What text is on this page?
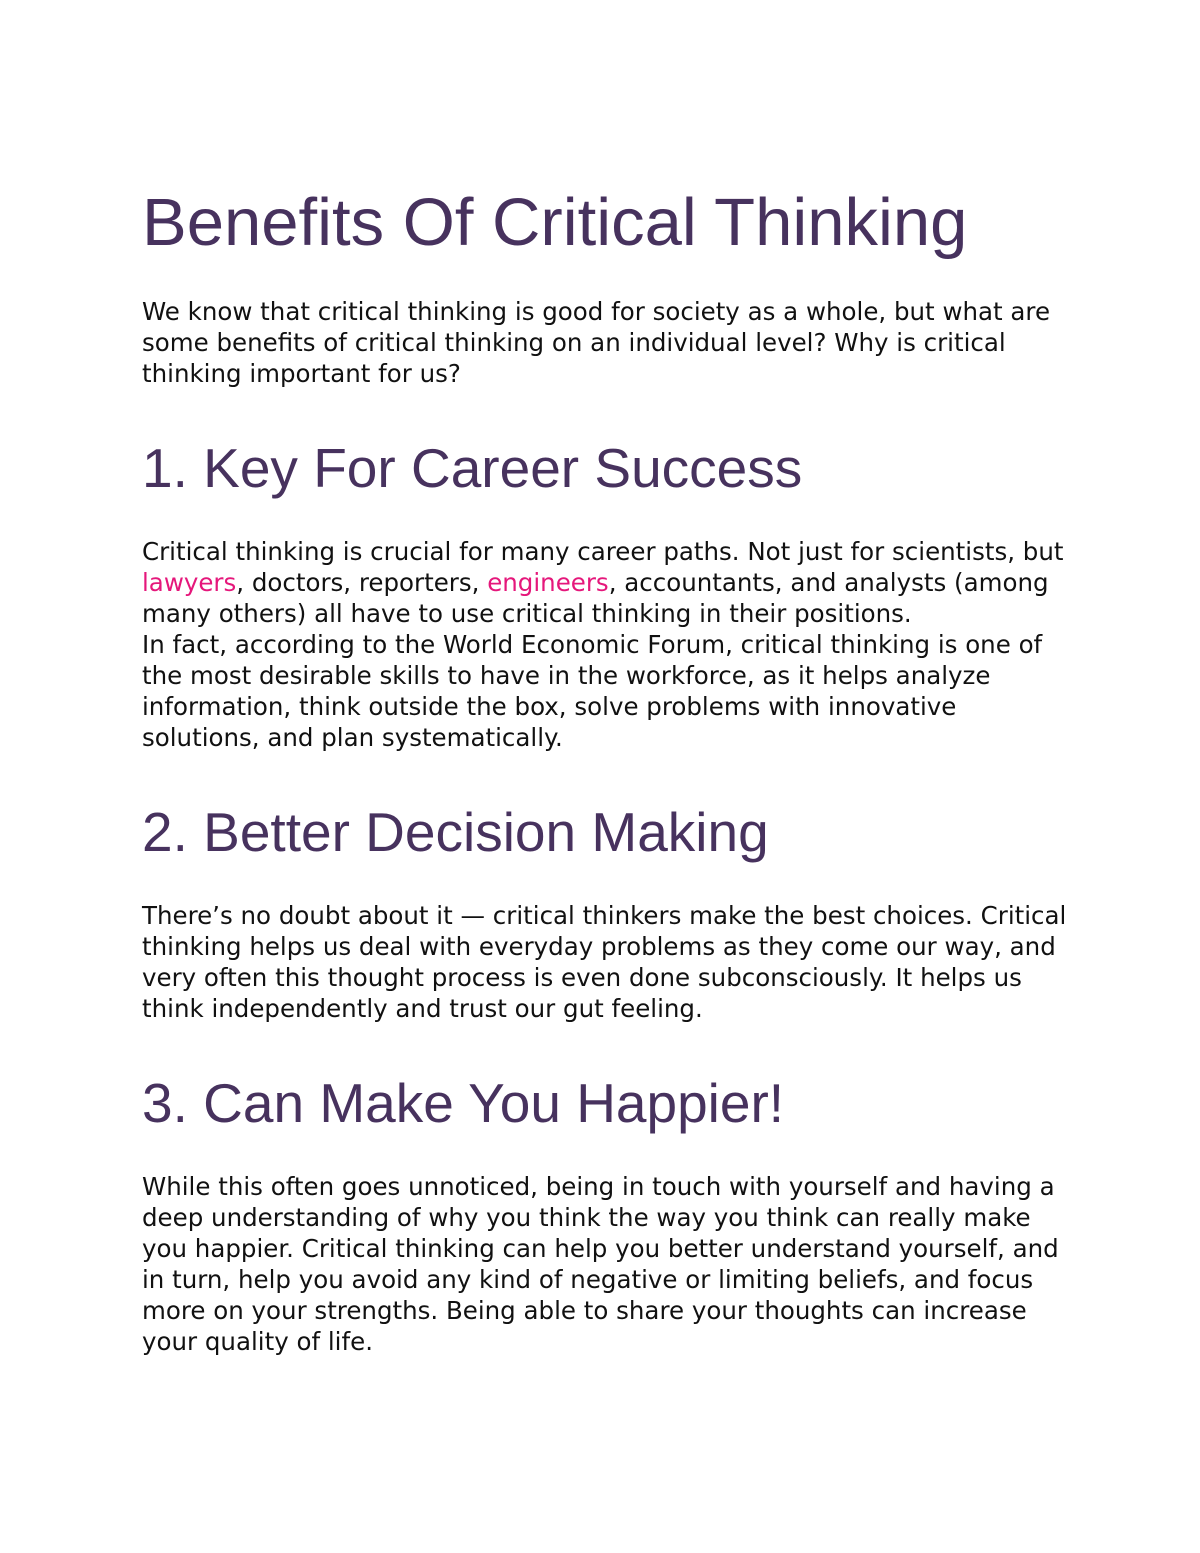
Benefits Of Critical Thinking

We know that critical thinking is good for society as a whole, but what are some benefits of critical thinking on an individual level? Why is critical thinking important for us?

1. Key For Career Success

Critical thinking is crucial for many career paths. Not just for scientists, but lawyers, doctors, reporters, engineers, accountants, and analysts (among many others) all have to use critical thinking in their positions.

In fact, according to the World Economic Forum, critical thinking is one of the most desirable skills to have in the workforce, as it helps analyze information, think outside the box, solve problems with innovative solutions, and plan systematically.

2. Better Decision Making

There’s no doubt about it — critical thinkers make the best choices. Critical thinking helps us deal with everyday problems as they come our way, and very often this thought process is even done subconsciously. It helps us think independently and trust our gut feeling.

3. Can Make You Happier!

While this often goes unnoticed, being in touch with yourself and having a deep understanding of why you think the way you think can really make you happier. Critical thinking can help you better understand yourself, and in turn, help you avoid any kind of negative or limiting beliefs, and focus more on your strengths. Being able to share your thoughts can increase your quality of life.
